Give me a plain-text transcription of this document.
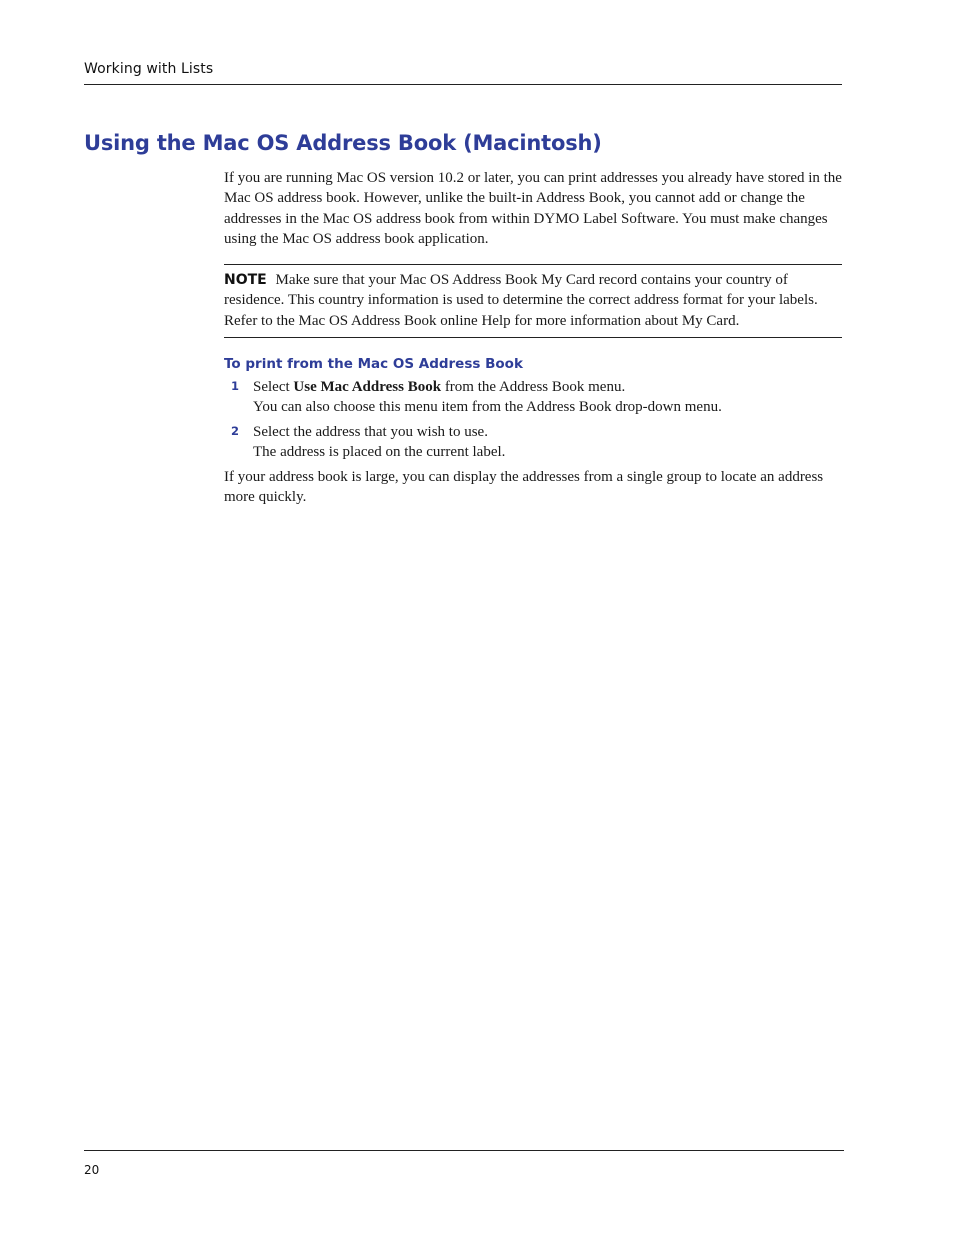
Working with Lists
Using the Mac OS Address Book (Macintosh)

If you are running Mac OS version 10.2 or later, you can print addresses you already have stored in the Mac OS address book. However, unlike the built-in Address Book, you cannot add or change the addresses in the Mac OS address book from within DYMO Label Software. You must make changes using the Mac OS address book application.

NOTE Make sure that your Mac OS Address Book My Card record contains your country of residence. This country information is used to determine the correct address format for your labels. Refer to the Mac OS Address Book online Help for more information about My Card.

To print from the Mac OS Address Book
1 Select Use Mac Address Book from the Address Book menu.
You can also choose this menu item from the Address Book drop-down menu.
2 Select the address that you wish to use.
The address is placed on the current label.

If your address book is large, you can display the addresses from a single group to locate an address more quickly.

20
